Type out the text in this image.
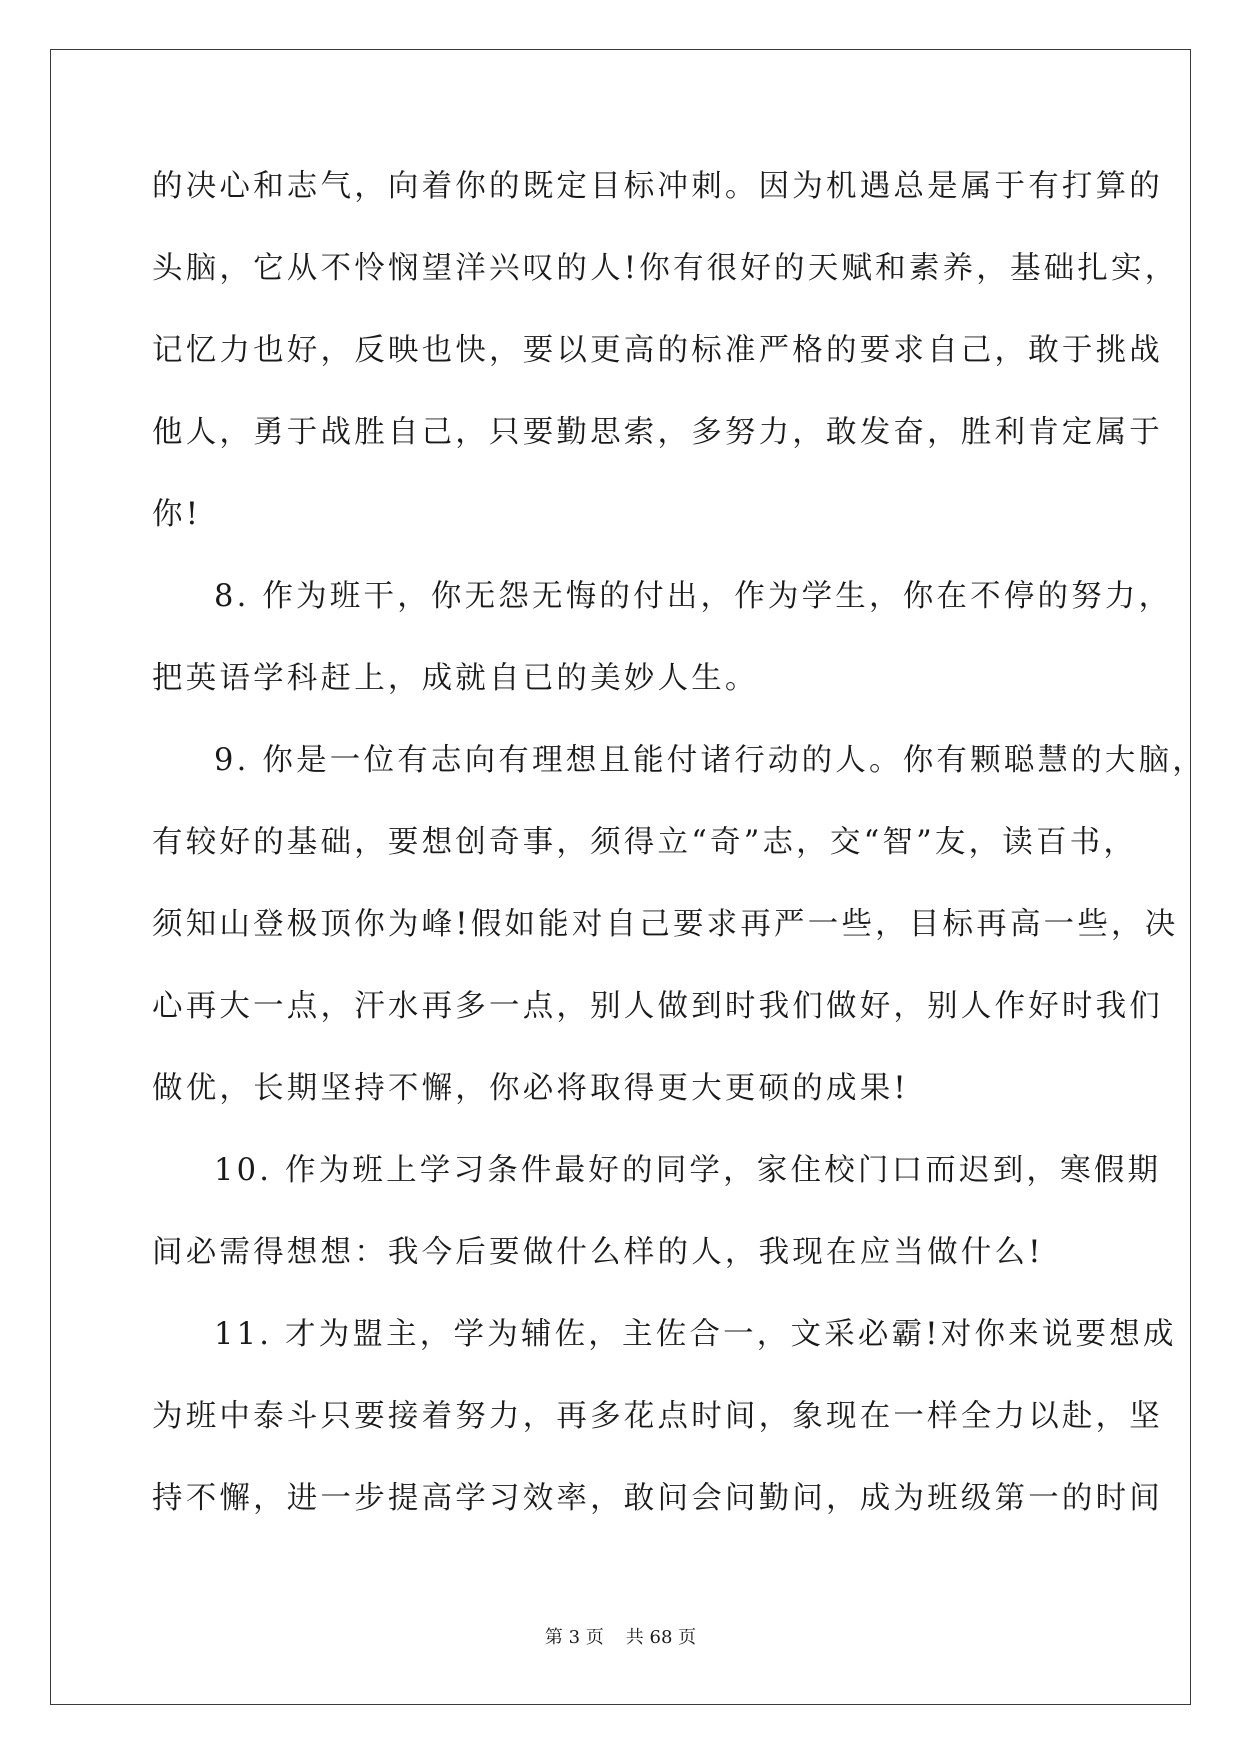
的决心和志气，向着你的既定目标冲刺。因为机遇总是属于有打算的
头脑，它从不怜悯望洋兴叹的人!你有很好的天赋和素养，基础扎实，
记忆力也好，反映也快，要以更高的标准严格的要求自己，敢于挑战
他人，勇于战胜自己，只要勤思索，多努力，敢发奋，胜利肯定属于
你!
8. 作为班干，你无怨无悔的付出，作为学生，你在不停的努力，
把英语学科赶上，成就自已的美妙人生。
9. 你是一位有志向有理想且能付诸行动的人。你有颗聪慧的大脑，
有较好的基础，要想创奇事，须得立“奇”志，交“智”友，读百书，
须知山登极顶你为峰!假如能对自己要求再严一些，目标再高一些，决
心再大一点，汗水再多一点，别人做到时我们做好，别人作好时我们
做优，长期坚持不懈，你必将取得更大更硕的成果!
10. 作为班上学习条件最好的同学，家住校门口而迟到，寒假期
间必需得想想：我今后要做什么样的人，我现在应当做什么!
11. 才为盟主，学为辅佐，主佐合一，文采必霸!对你来说要想成
为班中泰斗只要接着努力，再多花点时间，象现在一样全力以赴，坚
持不懈，进一步提高学习效率，敢问会问勤问，成为班级第一的时间
第 3 页 共 68 页
